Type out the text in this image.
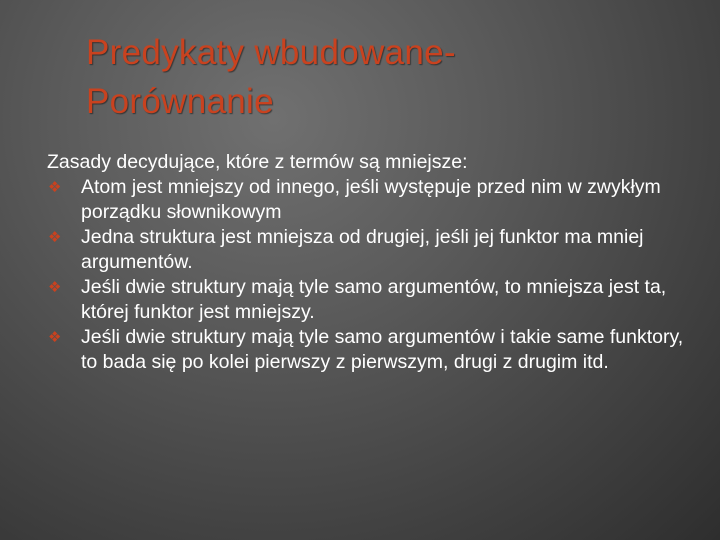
Predykaty wbudowane-
Porównanie

Zasady decydujące, które z termów są mniejsze:

❖ Atom jest mniejszy od innego, jeśli występuje przed nim w zwykłym porządku słownikowym
❖ Jedna struktura jest mniejsza od drugiej, jeśli jej funktor ma mniej argumentów.
❖ Jeśli dwie struktury mają tyle samo argumentów, to mniejsza jest ta, której funktor jest mniejszy.
❖ Jeśli dwie struktury mają tyle samo argumentów i takie same funktory, to bada się po kolei pierwszy z pierwszym, drugi z drugim itd.
